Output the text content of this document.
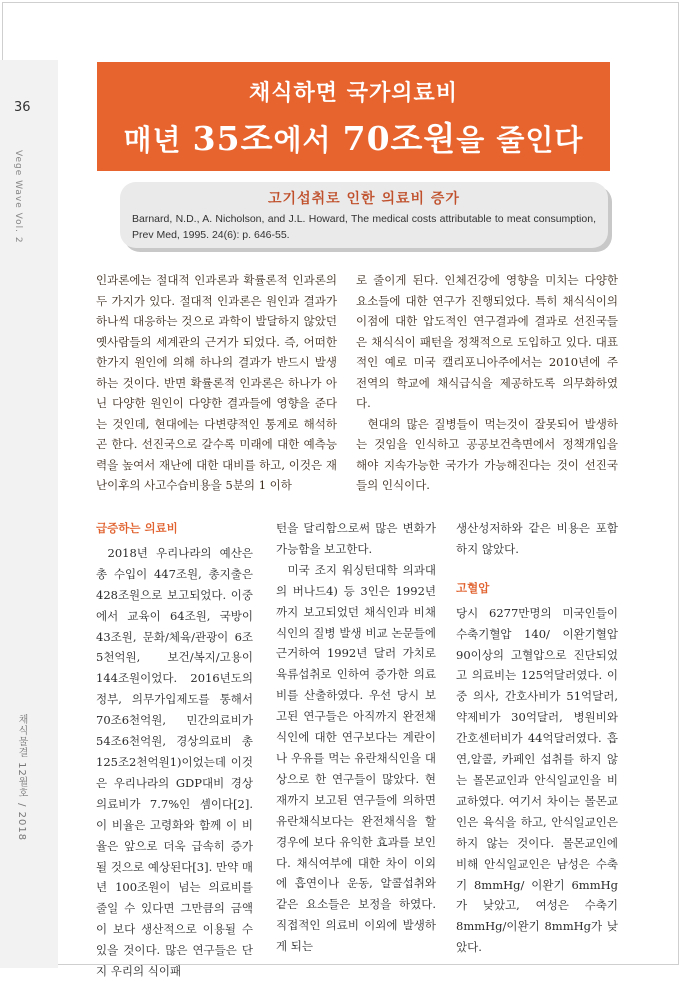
36
Vege Wave Vol. 2
채식물결 12월호 / 2018
채식하면 국가의료비
매년 35조에서 70조원을 줄인다
고기섭취로 인한 의료비 증가
Barnard, N.D., A. Nicholson, and J.L. Howard, The medical costs attributable to meat consumption, Prev Med, 1995. 24(6): p. 646-55.

인과론에는 절대적 인과론과 확률론적 인과론의 두 가지가 있다. 절대적 인과론은 원인과 결과가 하나씩 대응하는 것으로 과학이 발달하지 않았던 옛사람들의 세계관의 근거가 되었다. 즉, 어떠한 한가지 원인에 의해 하나의 결과가 반드시 발생하는 것이다. 반면 확률론적 인과론은 하나가 아닌 다양한 원인이 다양한 결과들에 영향을 준다는 것인데, 현대에는 다변량적인 통계로 해석하곤 한다. 선진국으로 갈수록 미래에 대한 예측능력을 높여서 재난에 대한 대비를 하고, 이것은 재난이후의 사고수습비용을 5분의 1 이하

로 줄이게 된다. 인체건강에 영향을 미치는 다양한 요소들에 대한 연구가 진행되었다. 특히 채식식이의 이점에 대한 압도적인 연구결과에 결과로 선진국들은 채식식이 패턴을 정책적으로 도입하고 있다. 대표적인 예로 미국 캘리포니아주에서는 2010년에 주 전역의 학교에 채식급식을 제공하도록 의무화하였다.

현대의 많은 질병들이 먹는것이 잘못되어 발생하는 것임을 인식하고 공공보건측면에서 정책개입을 해야 지속가능한 국가가 가능해진다는 것이 선진국들의 인식이다.

급증하는 의료비

2018년 우리나라의 예산은 총 수입이 447조원, 총지출은 428조원으로 보고되었다. 이중에서 교육이 64조원, 국방이 43조원, 문화/체육/관광이 6조5천억원, 보건/복지/고용이 144조원이었다. 2016년도의 정부, 의무가입제도를 통해서 70조6천억원, 민간의료비가 54조6천억원, 경상의료비 총 125조2천억원1)이었는데 이것은 우리나라의 GDP대비 경상의료비가 7.7%인 셈이다[2]. 이 비율은 고령화와 함께 이 비율은 앞으로 더욱 급속히 증가될 것으로 예상된다[3]. 만약 매년 100조원이 넘는 의료비를 줄일 수 있다면 그만큼의 금액이 보다 생산적으로 이용될 수 있을 것이다. 많은 연구들은 단지 우리의 식이패

턴을 달리함으로써 많은 변화가 가능함을 보고한다.

미국 조지 워싱턴대학 의과대의 버나드4) 등 3인은 1992년까지 보고되었던 채식인과 비채식인의 질병 발생 비교 논문들에 근거하여 1992년 달러 가치로 육류섭취로 인하여 증가한 의료비를 산출하였다. 우선 당시 보고된 연구들은 아직까지 완전채식인에 대한 연구보다는 계란이나 우유를 먹는 유란채식인을 대상으로 한 연구들이 많았다. 현재까지 보고된 연구들에 의하면 유란채식보다는 완전채식을 할 경우에 보다 유익한 효과를 보인다. 채식여부에 대한 차이 이외에 흡연이나 운동, 알콜섭취와 같은 요소들은 보정을 하였다. 직접적인 의료비 이외에 발생하게 되는

생산성저하와 같은 비용은 포함하지 않았다.

고혈압

당시 6277만명의 미국인들이 수축기혈압 140/ 이완기혈압 90이상의 고혈압으로 진단되었고 의료비는 125억달러였다. 이중 의사, 간호사비가 51억달러, 약제비가 30억달러, 병원비와 간호센터비가 44억달러였다. 흡연,알콜, 카페인 섭취를 하지 않는 몰몬교인과 안식일교인을 비교하였다. 여기서 차이는 몰몬교인은 육식을 하고, 안식일교인은 하지 않는 것이다. 몰몬교인에 비해 안식일교인은 남성은 수축기 8mmHg/ 이완기 6mmHg가 낮았고, 여성은 수축기 8mmHg/이완기 8mmHg가 낮았다.
